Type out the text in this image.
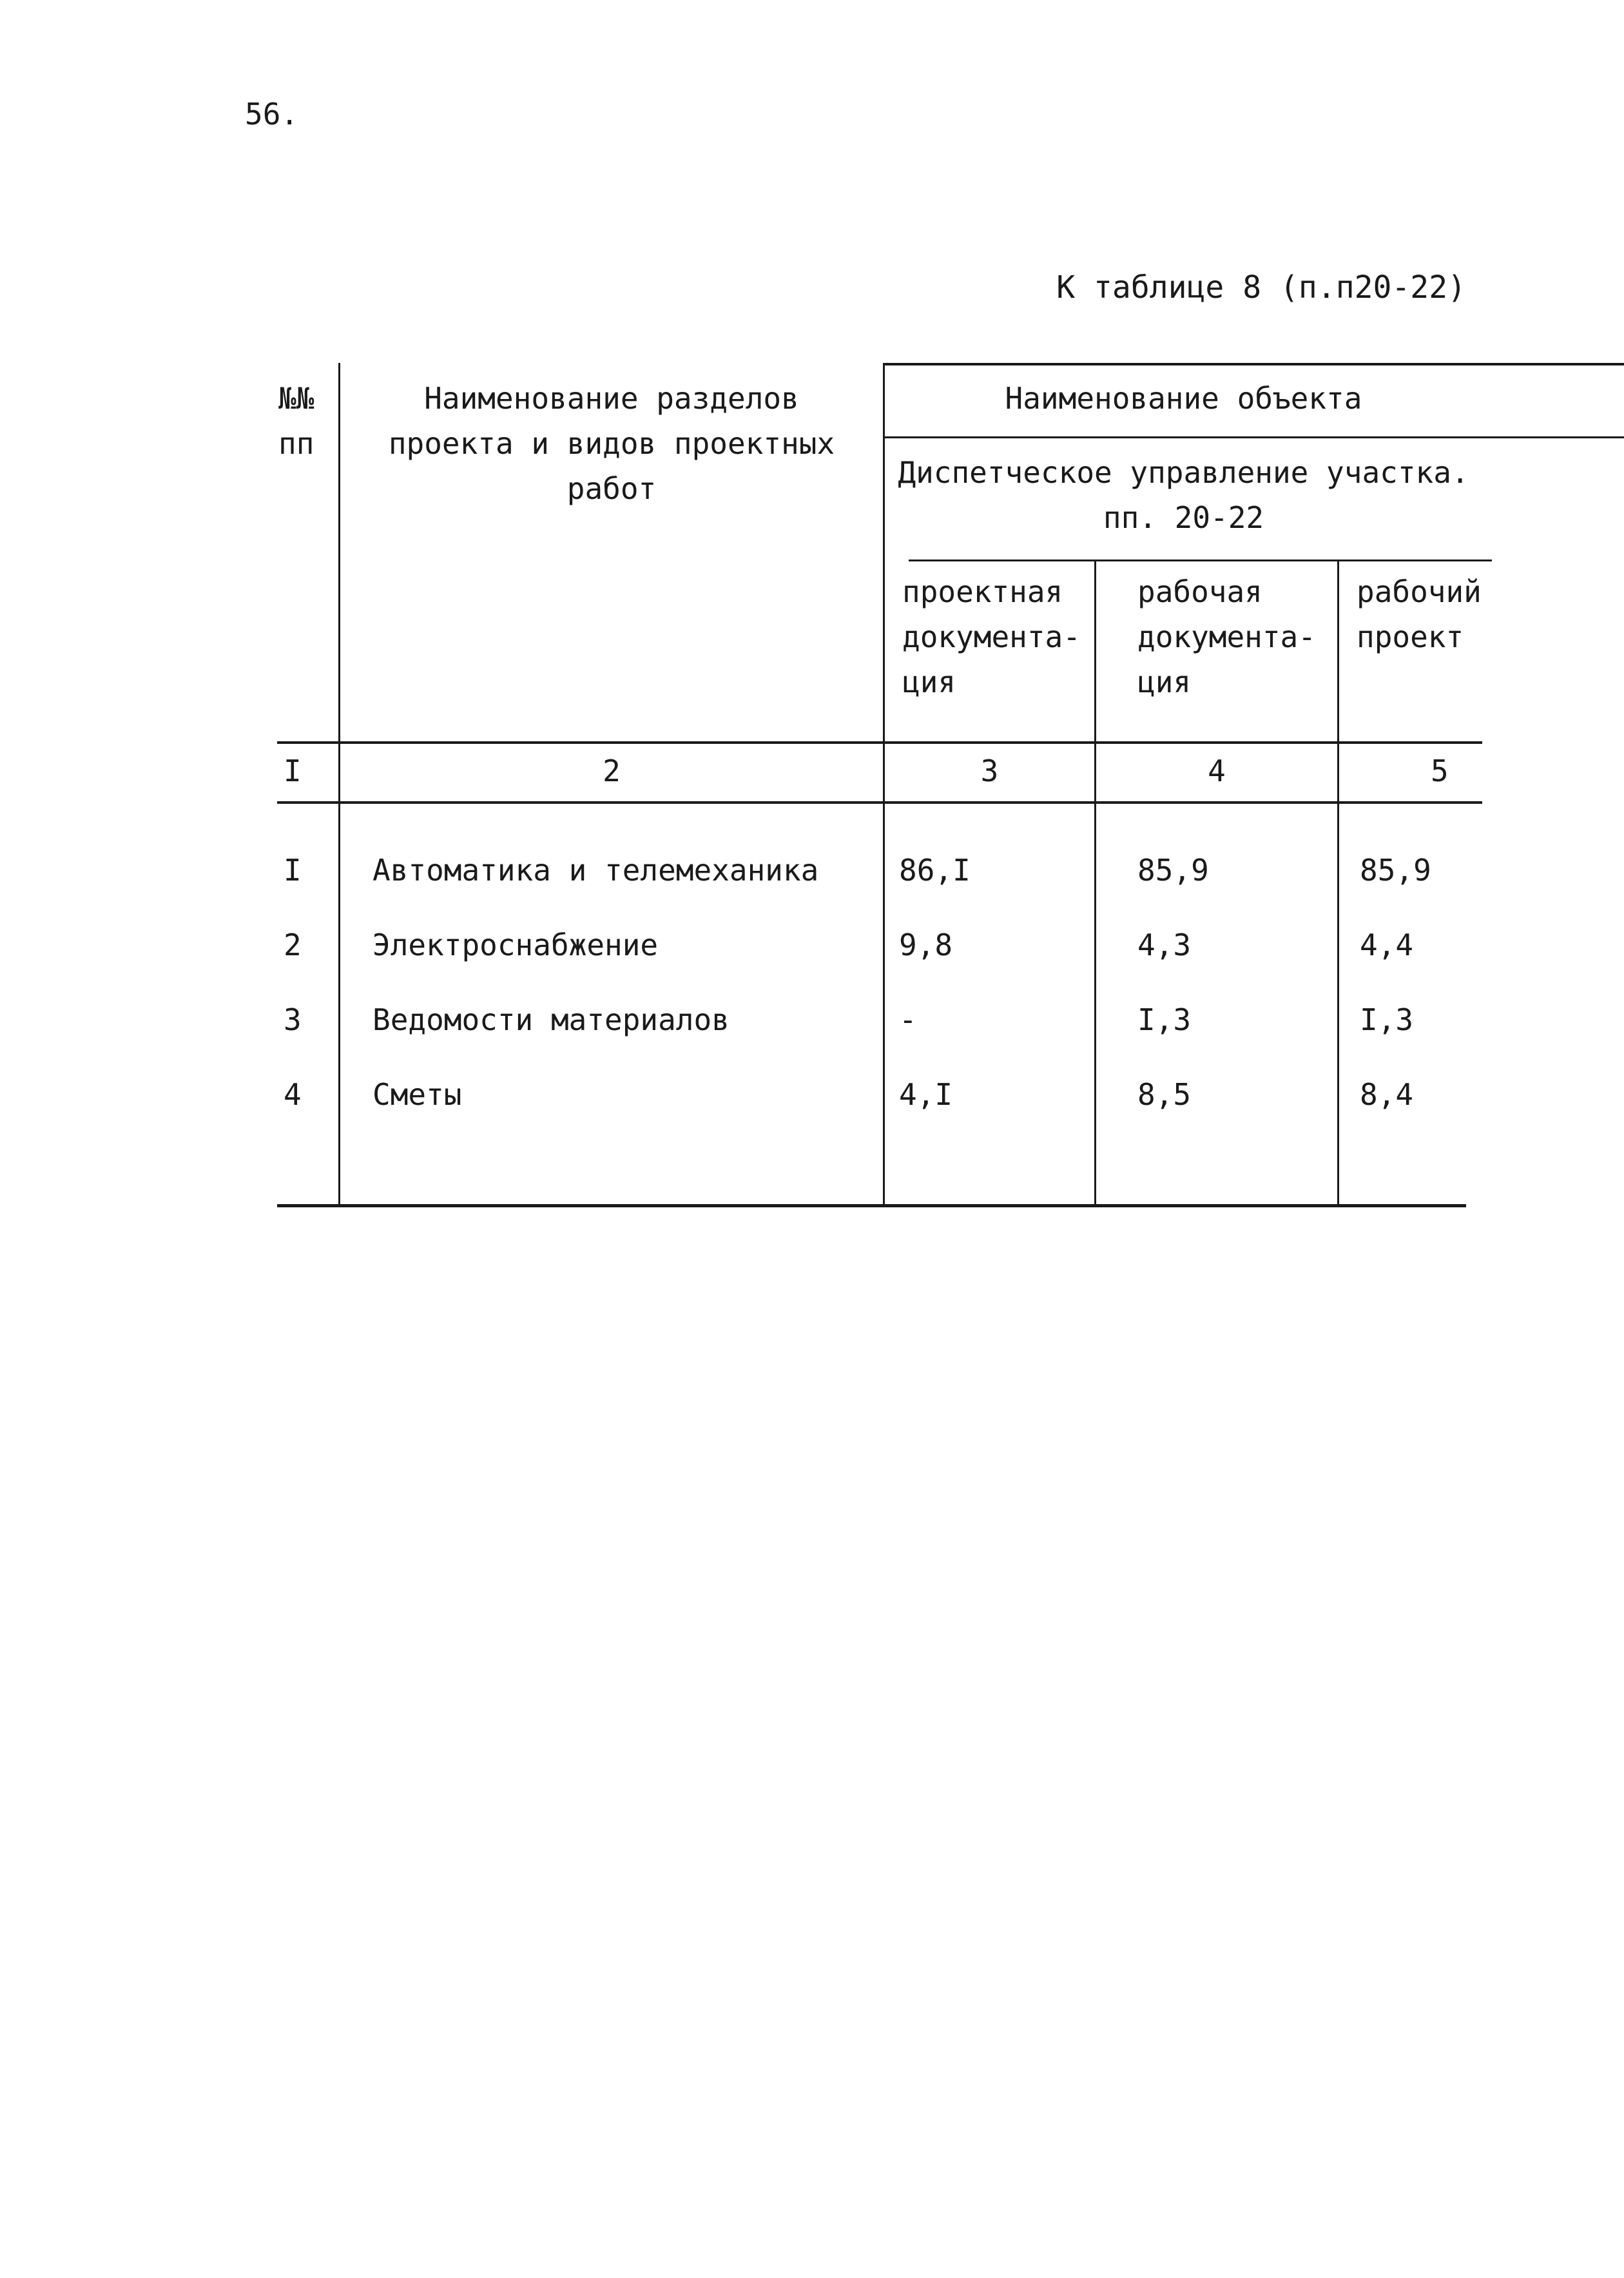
56.
К таблице 8 (п.п20-22)
№№
пп
Наименование разделов
проекта и видов проектных
работ
Наименование объекта
Диспетческое управление участка.
пп. 20-22
проектная
документа-
ция
рабочая
документа-
ция
рабочий
проект
I	2	3	4	5
I Автоматика и телемеханика	86,I	85,9	85,9
2 Электроснабжение	9,8	4,3	4,4
3 Ведомости материалов	-	I,3	I,3
4 Сметы	4,I	8,5	8,4
